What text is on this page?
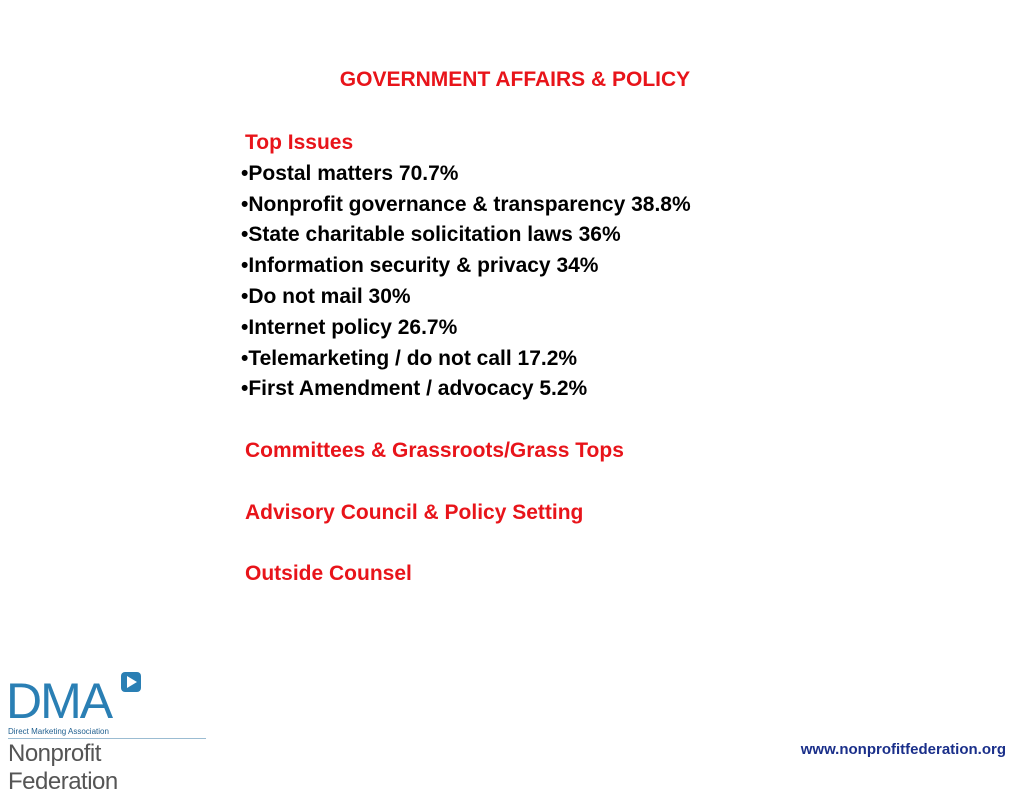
GOVERNMENT AFFAIRS & POLICY
Top Issues
•Postal matters 70.7%
•Nonprofit governance & transparency 38.8%
•State charitable solicitation laws 36%
•Information security & privacy 34%
•Do not mail 30%
•Internet policy 26.7%
•Telemarketing / do not call 17.2%
•First Amendment / advocacy 5.2%
Committees & Grassroots/Grass Tops
Advisory Council & Policy Setting
Outside Counsel
DMA
Direct Marketing Association
Nonprofit Federation
www.nonprofitfederation.org
